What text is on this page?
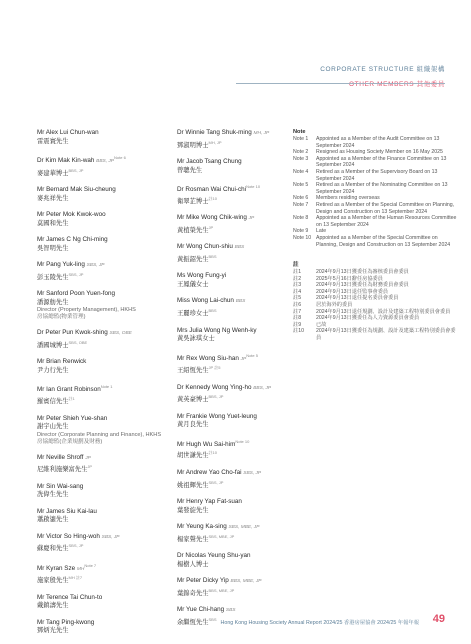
CORPORATE STRUCTURE 組織架構
OTHER MEMBERS 其他委員
Mr Alex Lui Chun-wan
雷震寰先生
Dr Kim Mak Kin-wah BBS, $JP^{Note 6}$
麥建華博士$^{BBS, JP}$
Mr Bernard Mak Siu-cheung
麥兆祥先生
Mr Peter Mok Kwok-woo
莫國和先生
Mr James C Ng Chi-ming
吳智明先生
Mr Pang Yuk-ling SBS, JP
彭玉陵先生$^{SBS, JP}$
Mr Sanford Poon Yuen-fong
潘源舫先生
Director (Property Management), HKHS
房協總監(物業管理)
Dr Peter Pun Kwok-shing SBS, OBE
潘國城博士$^{SBS, OBE}$
Mr Brian Renwick
尹力行先生
Mr Ian Grant Robinson$^{Note 1}$
羅賓信先生$^{註1}$
Mr Peter Shieh Yue-shan
謝宇山先生
Director (Corporate Planning and Finance), HKHS
房協總監(企業規劃及財務)
Mr Neville Shroff JP
尼維利施樂富先生$^{JP}$
Mr Sin Wai-sang
冼偉生先生
Mr James Siu Kai-lau
蕭啟鎏先生
Mr Victor So Hing-woh SBS, JP
蘇慶和先生$^{SBS, JP}$
Mr Kyran Sze $MH^{Note 7}$
施家殷先生$^{MH 註7}$
Mr Terence Tai Chun-to
戴鎮濤先生
Mr Tang Ping-kwong
鄧炳光先生
Dr Winnie Tang Shuk-ming MH, JP
鄧淑明博士$^{MH, JP}$
Mr Jacob Tsang Chung
曾聰先生
Dr Rosman Wai Chui-chi$^{Note 10}$
衛翠芷博士$^{註10}$
Mr Mike Wong Chik-wing JP
黃植榮先生$^{JP}$
Mr Wong Chun-shiu BBS
黃振韶先生$^{BBS}$
Ms Wong Fung-yi
王鳳儀女士
Miss Wong Lai-chun BBS
王麗珍女士$^{BBS}$
Mrs Julia Wong Ng Wenh-ky
黃吳詠琪女士
Mr Rex Wong Siu-han $JP^{Note 5}$
王紹恆先生$^{JP 註5}$
Dr Kennedy Wong Ying-ho BBS, JP
黃英豪博士$^{BBS, JP}$
Mr Frankie Wong Yuet-leung
黃月良先生
Mr Hugh Wu Sai-him$^{Note 10}$
胡世謙先生$^{註10}$
Mr Andrew Yao Cho-fai SBS, JP
姚祖輝先生$^{SBS, JP}$
Mr Henry Yap Fat-suan
葉發旋先生
Mr Yeung Ka-sing SBS, MBE, JP
楊家聲先生$^{SBS, MBE, JP}$
Dr Nicolas Yeung Shu-yan
楊樹人博士
Mr Peter Dicky Yip BBS, MBE, JP
葉錦奇先生$^{BBS, MBE, JP}$
Mr Yue Chi-hang SBS
余繼恆先生$^{SBS}$
Note
Note 1	Appointed as a Member of the Audit Committee on 13 September 2024
Note 2	Resigned as Housing Society Member on 16 May 2025
Note 3	Appointed as a Member of the Finance Committee on 13 September 2024
Note 4	Retired as a Member of the Supervisory Board on 13 September 2024
Note 5	Retired as a Member of the Nominating Committee on 13 September 2024
Note 6	Members residing overseas
Note 7	Retired as a Member of the Special Committee on Planning, Design and Construction on 13 September 2024
Note 8	Appointed as a Member of the Human Resources Committee on 13 September 2024
Note 9	Late
Note 10 Appointed as a Member of the Special Committee on Planning, Design and Construction on 13 September 2024
註
註1	2024年9月13日獲委任為審核委員會委員
註2	2025年5月16日辭任房協委員
註3	2024年9月13日獲委任為財務委員會委員
註4	2024年9月13日退任監事會委員
註5	2024年9月13日退任提名委員會委員
註6	居於海外的委員
註7	2024年9月13日退任規劃、設計及建築工程特別委員會委員
註8	2024年9月13日獲委任為人力資源委員會委員
註9	已故
註10	2024年9月13日獲委任為規劃、設計及建築工程特別委員會委員
Hong Kong Housing Society Annual Report 2024/25 香港房屋協會 2024/25 年報年報 49
